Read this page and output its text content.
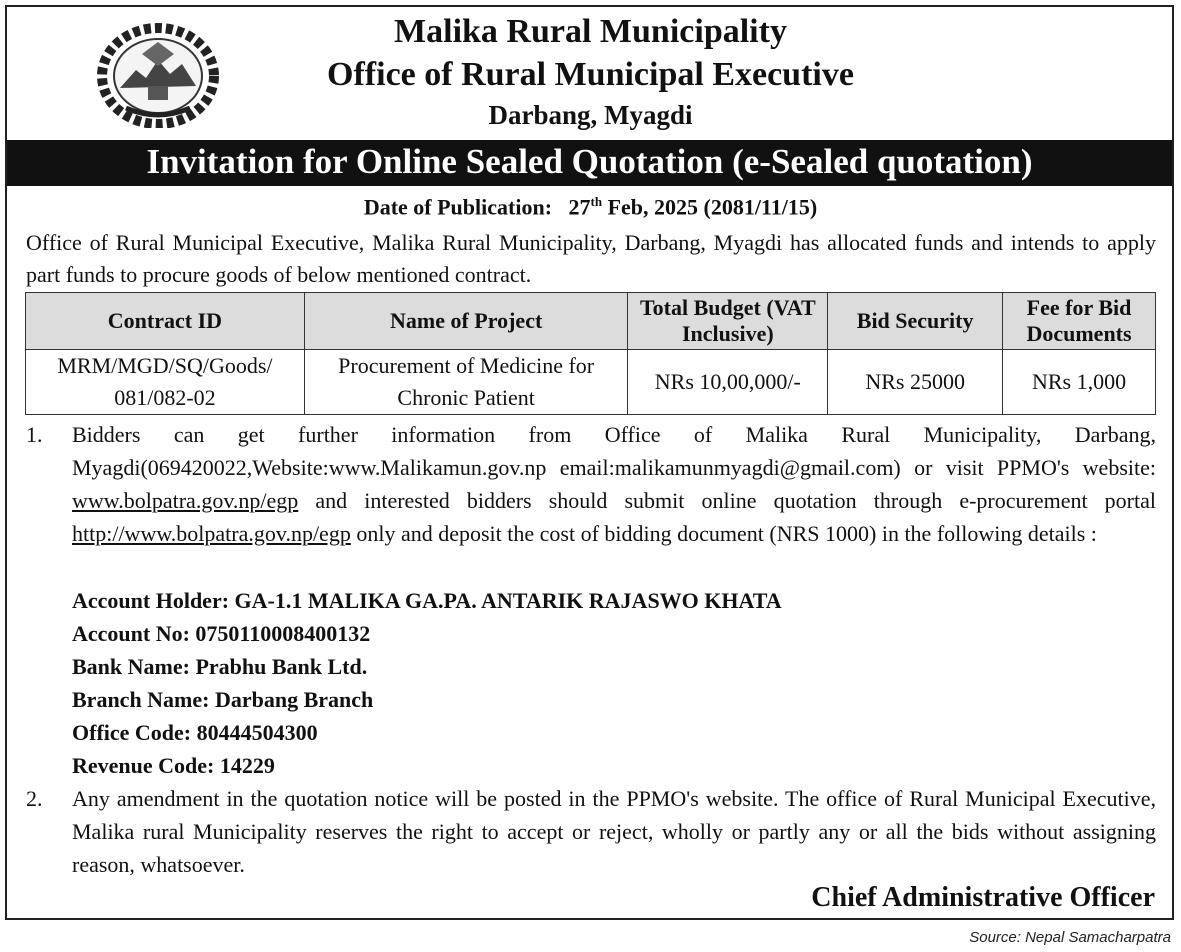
Malika Rural Municipality
Office of Rural Municipal Executive
Darbang, Myagdi
Invitation for Online Sealed Quotation (e-Sealed quotation)
Date of Publication: 27th Feb, 2025 (2081/11/15)
Office of Rural Municipal Executive, Malika Rural Municipality, Darbang, Myagdi has allocated funds and intends to apply part funds to procure goods of below mentioned contract.
Contract ID	Name of Project	Total Budget (VAT Inclusive)	Bid Security	Fee for Bid Documents
MRM/MGD/SQ/Goods/ 081/082-02	Procurement of Medicine for Chronic Patient	NRs 10,00,000/-	NRs 25000	NRs 1,000
1. Bidders can get further information from Office of Malika Rural Municipality, Darbang, Myagdi(069420022,Website:www.Malikamun.gov.np email:malikamunmyagdi@gmail.com) or visit PPMO's website: www.bolpatra.gov.np/egp and interested bidders should submit online quotation through e-procurement portal http://www.bolpatra.gov.np/egp only and deposit the cost of bidding document (NRS 1000) in the following details :
Account Holder: GA-1.1 MALIKA GA.PA. ANTARIK RAJASWO KHATA
Account No: 0750110008400132
Bank Name: Prabhu Bank Ltd.
Branch Name: Darbang Branch
Office Code: 80444504300
Revenue Code: 14229
2. Any amendment in the quotation notice will be posted in the PPMO's website. The office of Rural Municipal Executive, Malika rural Municipality reserves the right to accept or reject, wholly or partly any or all the bids without assigning reason, whatsoever.
Chief Administrative Officer
Source: Nepal Samacharpatra
